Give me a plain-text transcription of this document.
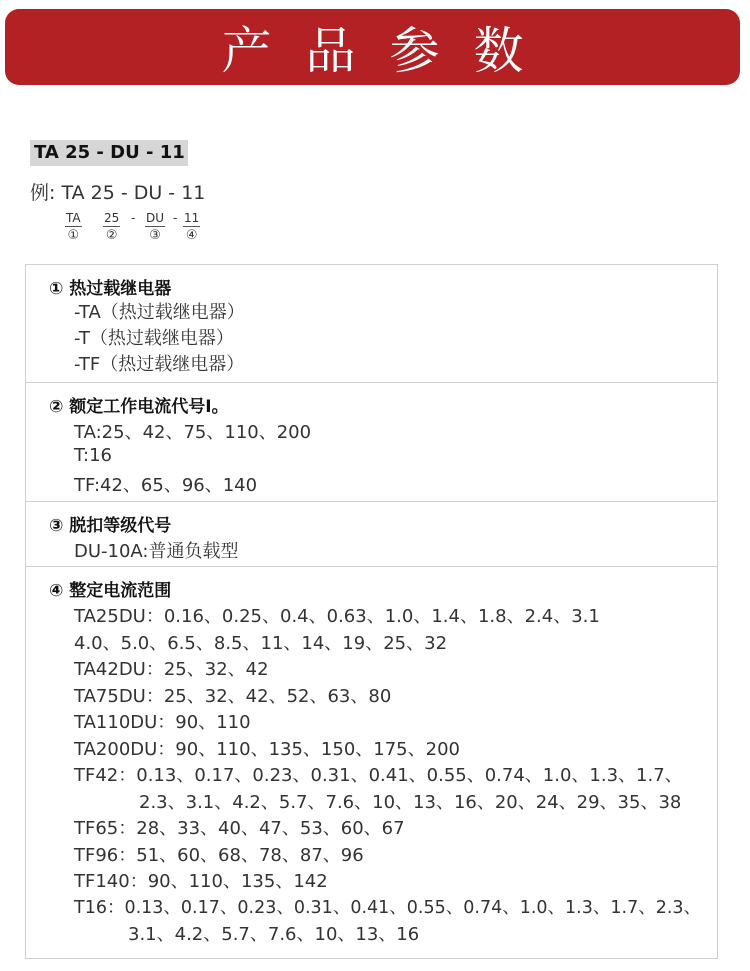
产品参数
TA 25 - DU - 11
例: TA 25 - DU - 11
TA
①
25
②
- DU
③
- 11
④
① 热过载继电器
-TA（热过载继电器）
-T（热过载继电器）
-TF（热过载继电器）
② 额定工作电流代号I。
TA:25、42、75、110、200
T:16
TF:42、65、96、140
③ 脱扣等级代号
DU-10A:普通负载型
④ 整定电流范围
TA25DU：0.16、0.25、0.4、0.63、1.0、1.4、1.8、2.4、3.1
4.0、5.0、6.5、8.5、11、14、19、25、32
TA42DU：25、32、42
TA75DU：25、32、42、52、63、80
TA110DU：90、110
TA200DU：90、110、135、150、175、200
TF42：0.13、0.17、0.23、0.31、0.41、0.55、0.74、1.0、1.3、1.7、
2.3、3.1、4.2、5.7、7.6、10、13、16、20、24、29、35、38
TF65：28、33、40、47、53、60、67
TF96：51、60、68、78、87、96
TF140：90、110、135、142
T16：0.13、0.17、0.23、0.31、0.41、0.55、0.74、1.0、1.3、1.7、2.3、
3.1、4.2、5.7、7.6、10、13、16
